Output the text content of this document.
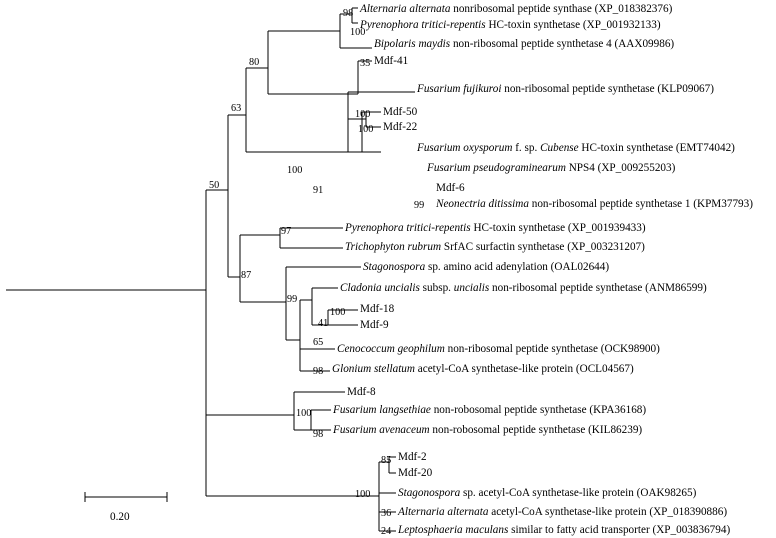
Alternaria alternata nonribosomal peptide synthase (XP_018382376)
Pyrenophora tritici-repentis HC-toxin synthetase (XP_001932133)
Bipolaris maydis non-ribosomal peptide synthetase 4 (AAX09986)
Mdf-41
Fusarium fujikuroi non-ribosomal peptide synthetase (KLP09067)
Mdf-50
Mdf-22
Fusarium oxysporum f. sp. Cubense HC-toxin synthetase (EMT74042)
Fusarium pseudograminearum NPS4 (XP_009255203)
Mdf-6
Neonectria ditissima non-ribosomal peptide synthetase 1 (KPM37793)
Pyrenophora tritici-repentis HC-toxin synthetase (XP_001939433)
Trichophyton rubrum SrfAC surfactin synthetase (XP_003231207)
Stagonospora sp. amino acid adenylation (OAL02644)
Cladonia uncialis subsp. uncialis non-ribosomal peptide synthetase (ANM86599)
Mdf-18
Mdf-9
Cenococcum geophilum non-ribosomal peptide synthetase (OCK98900)
Glonium stellatum acetyl-CoA synthetase-like protein (OCL04567)
Mdf-8
Fusarium langsethiae non-robosomal peptide synthetase (KPA36168)
Fusarium avenaceum non-robosomal peptide synthetase (KIL86239)
Mdf-2
Mdf-20
Stagonospora sp. acetyl-CoA synthetase-like protein (OAK98265)
Alternaria alternata acetyl-CoA synthetase-like protein (XP_018390886)
Leptosphaeria maculans similar to fatty acid transporter (XP_003836794)
98
100
35
80
63
100
100
100
91
99
50
97
87
99
41
100
65
98
100
98
85
100
36
24
0.20
